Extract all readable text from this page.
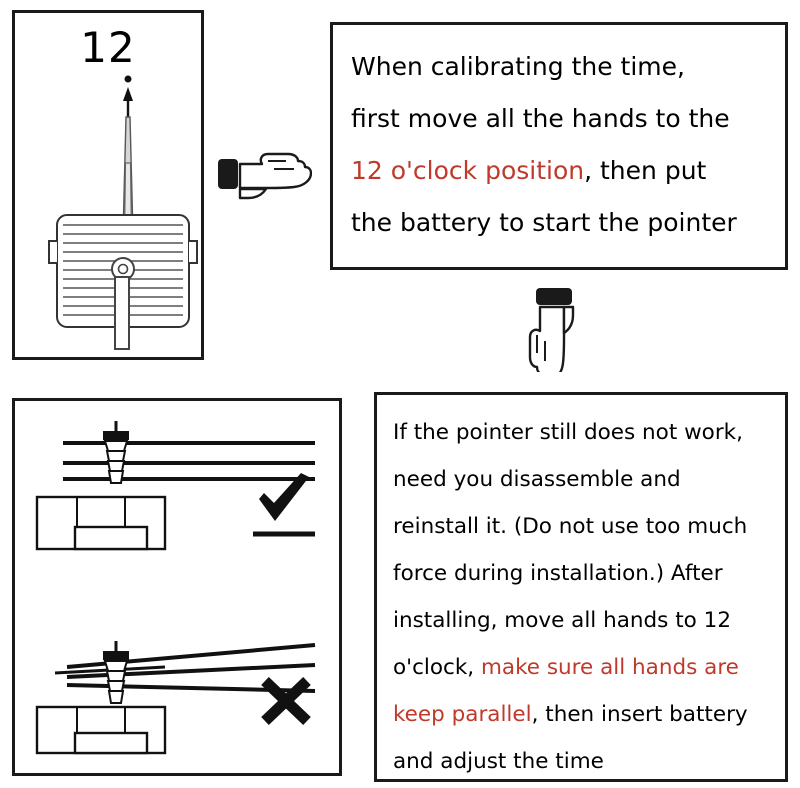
12	When calibrating the time,
first move all the hands to the
12 o'clock position, then put
the battery to start the pointer
If the pointer still does not work,
need you disassemble and
reinstall it. (Do not use too much
force during installation.) After
installing, move all hands to 12
o'clock, make sure all hands are
keep parallel, then insert battery
and adjust the time
